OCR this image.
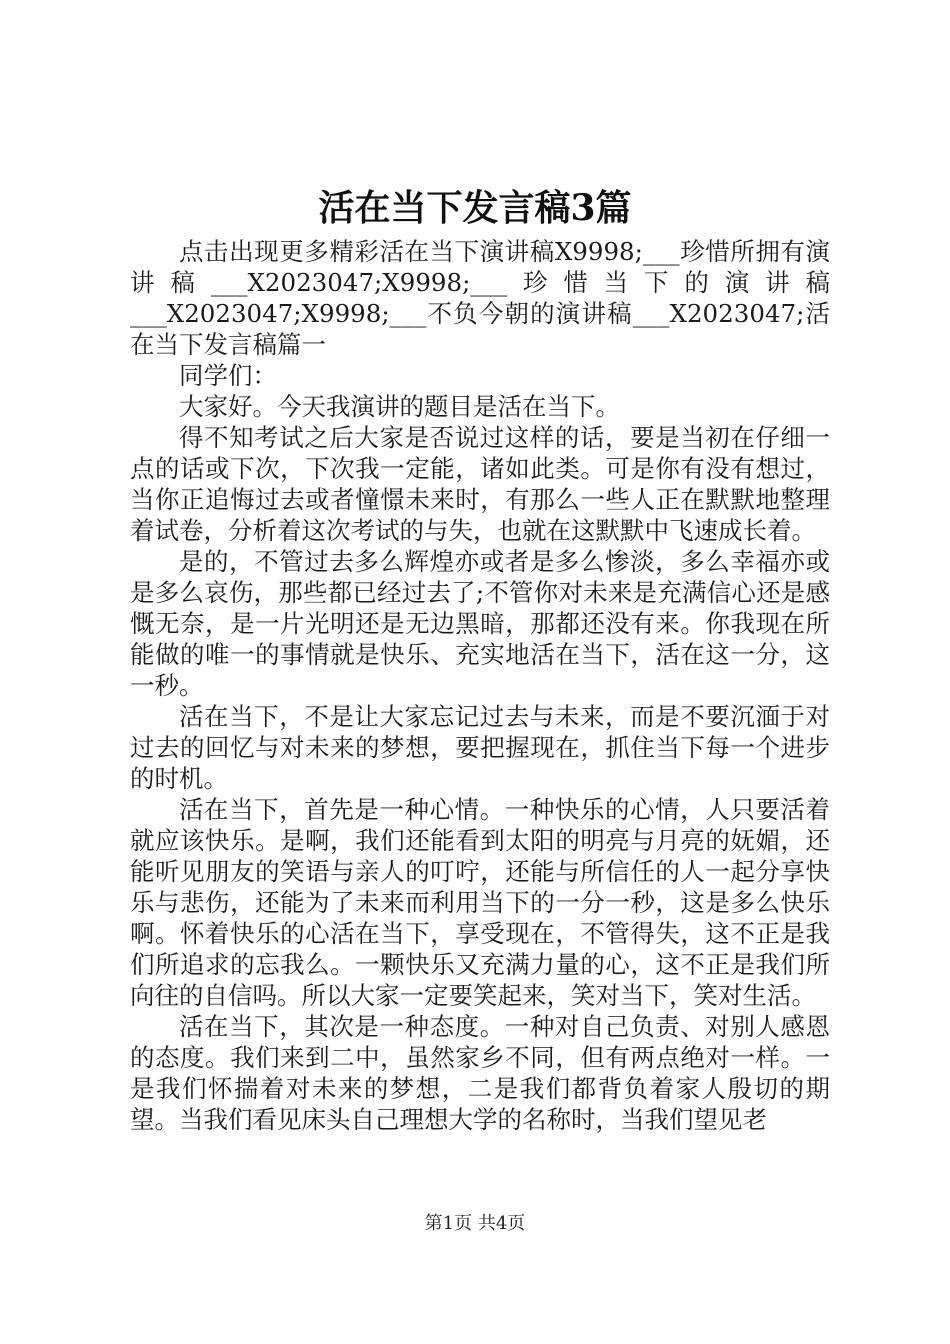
活在当下发言稿3篇

点击出现更多精彩活在当下演讲稿X9998;___珍惜所拥有演讲稿___X2023047;X9998;___珍惜当下的演讲稿___X2023047;X9998;___不负今朝的演讲稿___X2023047;活在当下发言稿篇一

同学们：

大家好。今天我演讲的题目是活在当下。

得不知考试之后大家是否说过这样的话，要是当初在仔细一点的话或下次，下次我一定能，诸如此类。可是你有没有想过，当你正追悔过去或者憧憬未来时，有那么一些人正在默默地整理着试卷，分析着这次考试的与失，也就在这默默中飞速成长着。

是的，不管过去多么辉煌亦或者是多么惨淡，多么幸福亦或是多么哀伤，那些都已经过去了;不管你对未来是充满信心还是感慨无奈，是一片光明还是无边黑暗，那都还没有来。你我现在所能做的唯一的事情就是快乐、充实地活在当下，活在这一分，这一秒。

活在当下，不是让大家忘记过去与未来，而是不要沉湎于对过去的回忆与对未来的梦想，要把握现在，抓住当下每一个进步的时机。

活在当下，首先是一种心情。一种快乐的心情，人只要活着就应该快乐。是啊，我们还能看到太阳的明亮与月亮的妩媚，还能听见朋友的笑语与亲人的叮咛，还能与所信任的人一起分享快乐与悲伤，还能为了未来而利用当下的一分一秒，这是多么快乐啊。怀着快乐的心活在当下，享受现在，不管得失，这不正是我们所追求的忘我么。一颗快乐又充满力量的心，这不正是我们所向往的自信吗。所以大家一定要笑起来，笑对当下，笑对生活。

活在当下，其次是一种态度。一种对自己负责、对别人感恩的态度。我们来到二中，虽然家乡不同，但有两点绝对一样。一是我们怀揣着对未来的梦想，二是我们都背负着家人殷切的期望。当我们看见床头自己理想大学的名称时，当我们望见老

第1页 共4页
